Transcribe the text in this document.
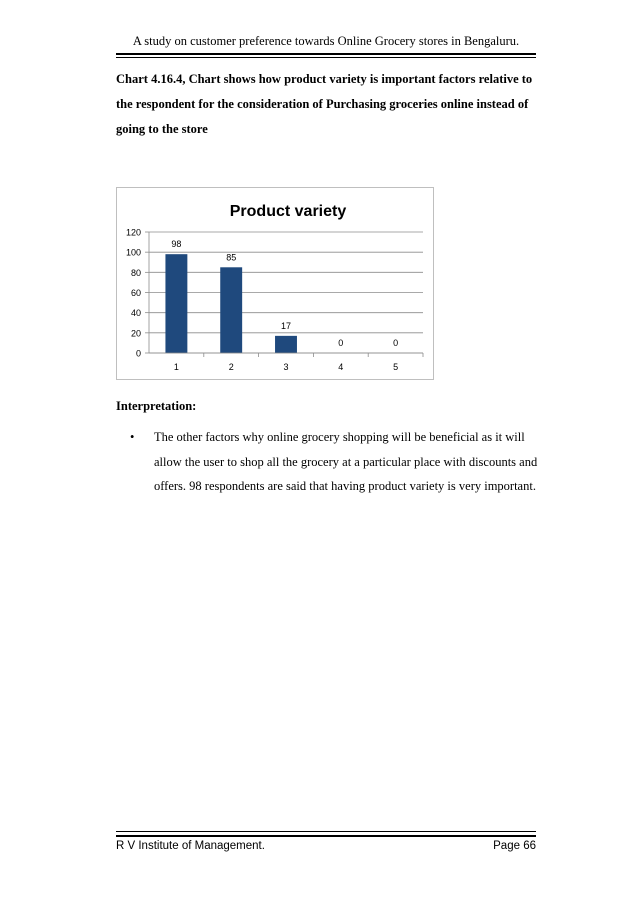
A study on customer preference towards Online Grocery stores in Bengaluru.
Chart 4.16.4, Chart shows how product variety is important factors relative to
the respondent for the consideration of Purchasing groceries online instead of
going to the store
Product variety
0
20
40
60
80
100
120
98
1
85
2
17
3
0
4
0
5
Interpretation:
• The other factors why online grocery shopping will be beneficial as it will
allow the user to shop all the grocery at a particular place with discounts and
offers. 98 respondents are said that having product variety is very important.
R V Institute of Management.	Page 66
